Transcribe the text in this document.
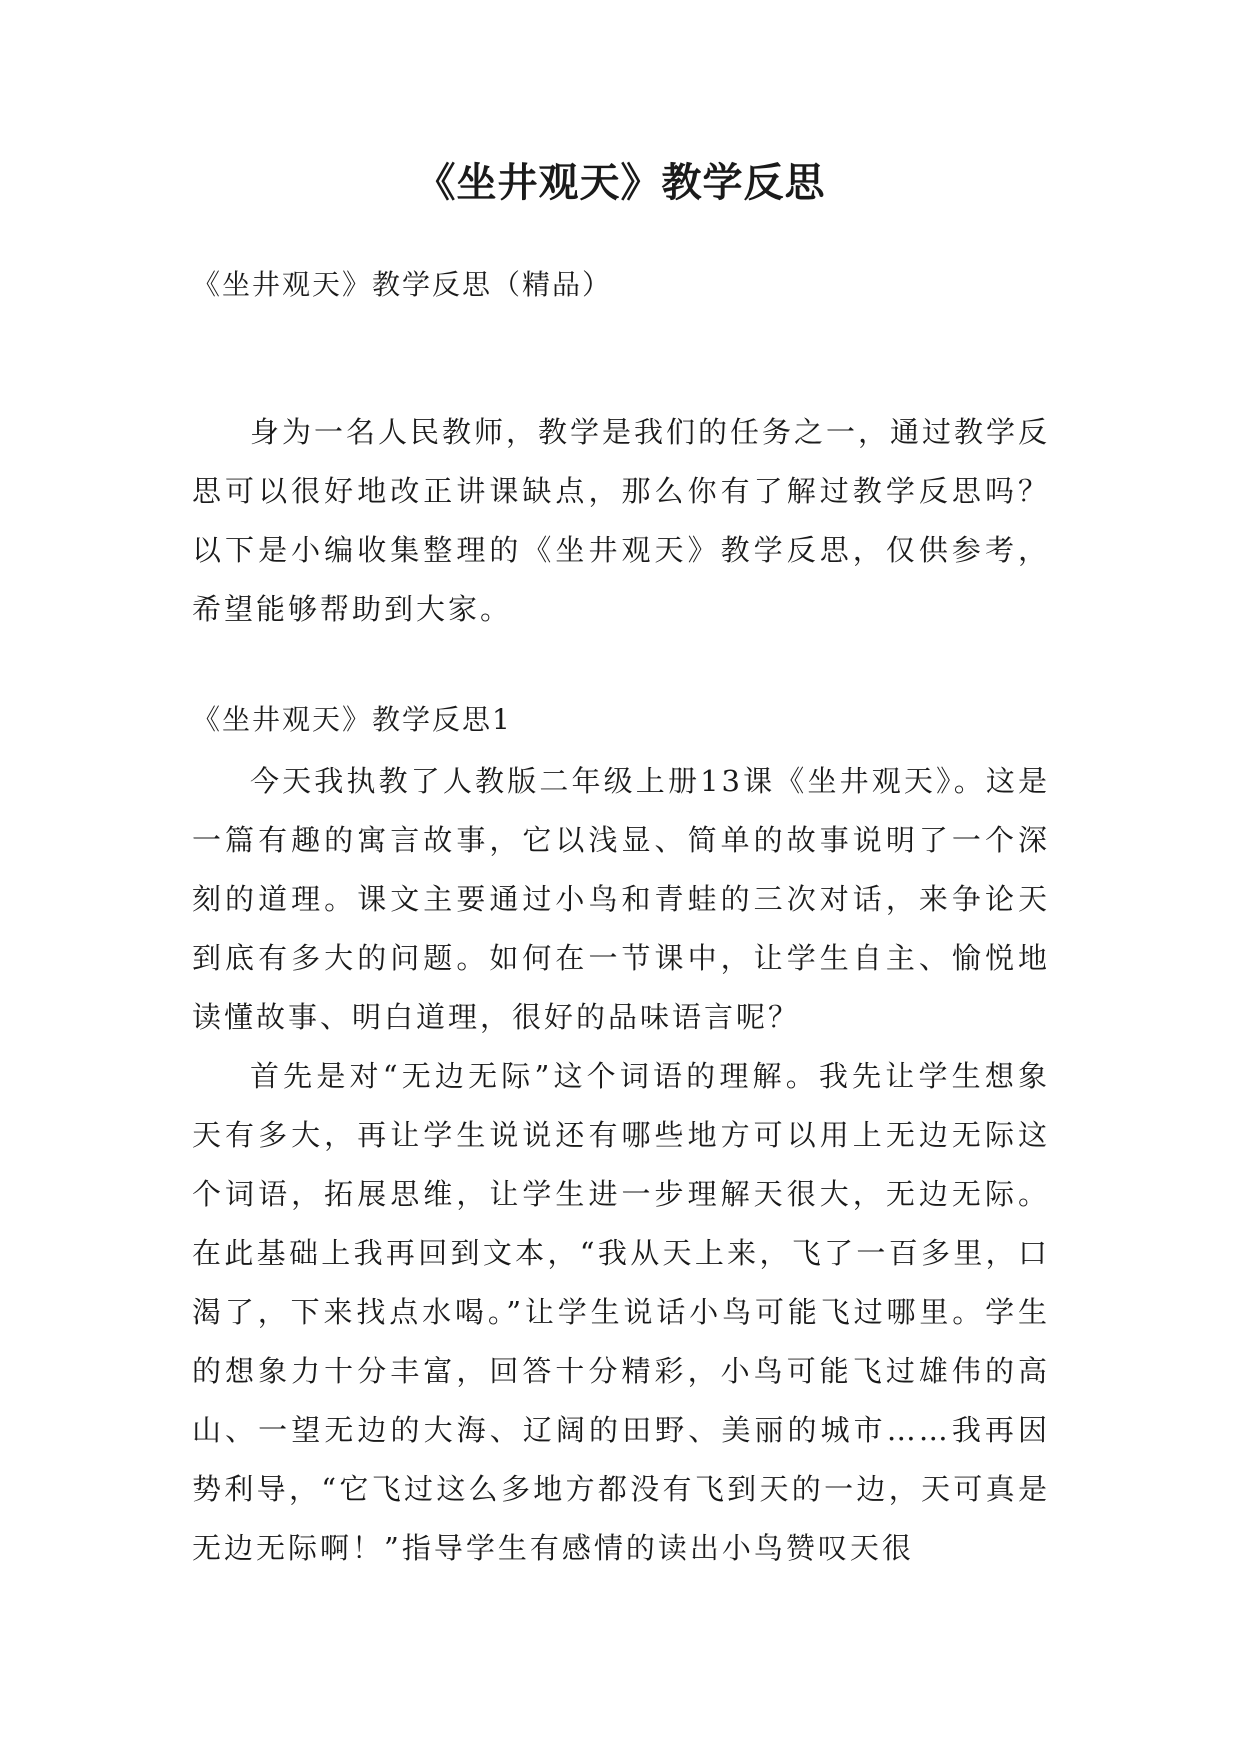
《坐井观天》教学反思

《坐井观天》教学反思（精品）

身为一名人民教师，教学是我们的任务之一，通过教学反思可以很好地改正讲课缺点，那么你有了解过教学反思吗？以下是小编收集整理的《坐井观天》教学反思，仅供参考，希望能够帮助到大家。

《坐井观天》教学反思1

今天我执教了人教版二年级上册13课《坐井观天》。这是一篇有趣的寓言故事，它以浅显、简单的故事说明了一个深刻的道理。课文主要通过小鸟和青蛙的三次对话，来争论天到底有多大的问题。如何在一节课中，让学生自主、愉悦地读懂故事、明白道理，很好的品味语言呢？

首先是对“无边无际”这个词语的理解。我先让学生想象天有多大，再让学生说说还有哪些地方可以用上无边无际这个词语，拓展思维，让学生进一步理解天很大，无边无际。在此基础上我再回到文本，“我从天上来，飞了一百多里，口渴了，下来找点水喝。”让学生说话小鸟可能飞过哪里。学生的想象力十分丰富，回答十分精彩，小鸟可能飞过雄伟的高山、一望无边的大海、辽阔的田野、美丽的城市……我再因势利导，“它飞过这么多地方都没有飞到天的一边，天可真是无边无际啊！”指导学生有感情的读出小鸟赞叹天很
